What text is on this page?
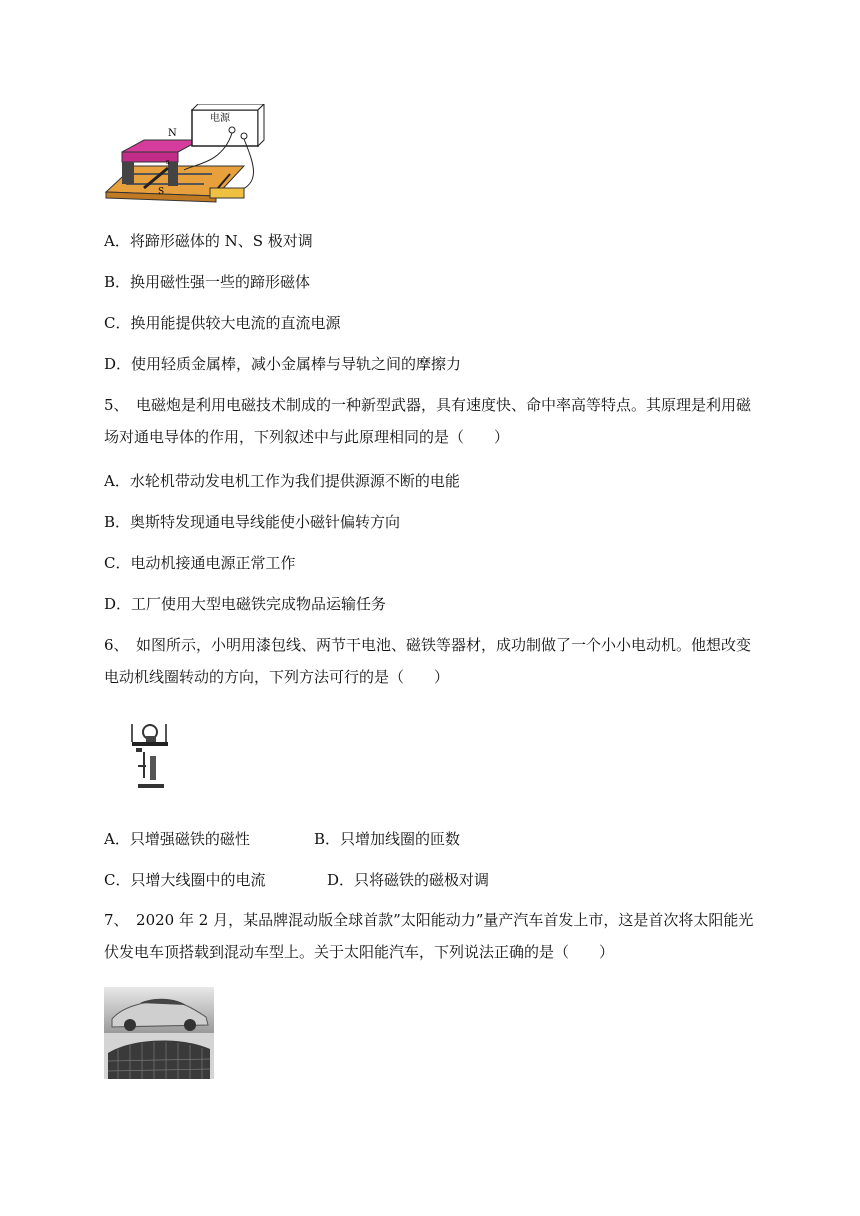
电源
N
S
s
A．将蹄形磁体的 N、S 极对调
B．换用磁性强一些的蹄形磁体
C．换用能提供较大电流的直流电源
D．使用轻质金属棒，减小金属棒与导轨之间的摩擦力
5、　电磁炮是利用电磁技术制成的一种新型武器，具有速度快、命中率高等特点。其原理是利用磁场对通电导体的作用，下列叙述中与此原理相同的是（　　）
A．水轮机带动发电机工作为我们提供源源不断的电能
B．奥斯特发现通电导线能使小磁针偏转方向
C．电动机接通电源正常工作
D．工厂使用大型电磁铁完成物品运输任务
6、　如图所示，小明用漆包线、两节干电池、磁铁等器材，成功制做了一个小小电动机。他想改变电动机线圈转动的方向，下列方法可行的是（　　）
A．只增强磁铁的磁性	B．只增加线圈的匝数
C．只增大线圈中的电流	D．只将磁铁的磁极对调
7、　2020 年 2 月，某品牌混动版全球首款”太阳能动力”量产汽车首发上市，这是首次将太阳能光伏发电车顶搭载到混动车型上。关于太阳能汽车，下列说法正确的是（　　）
